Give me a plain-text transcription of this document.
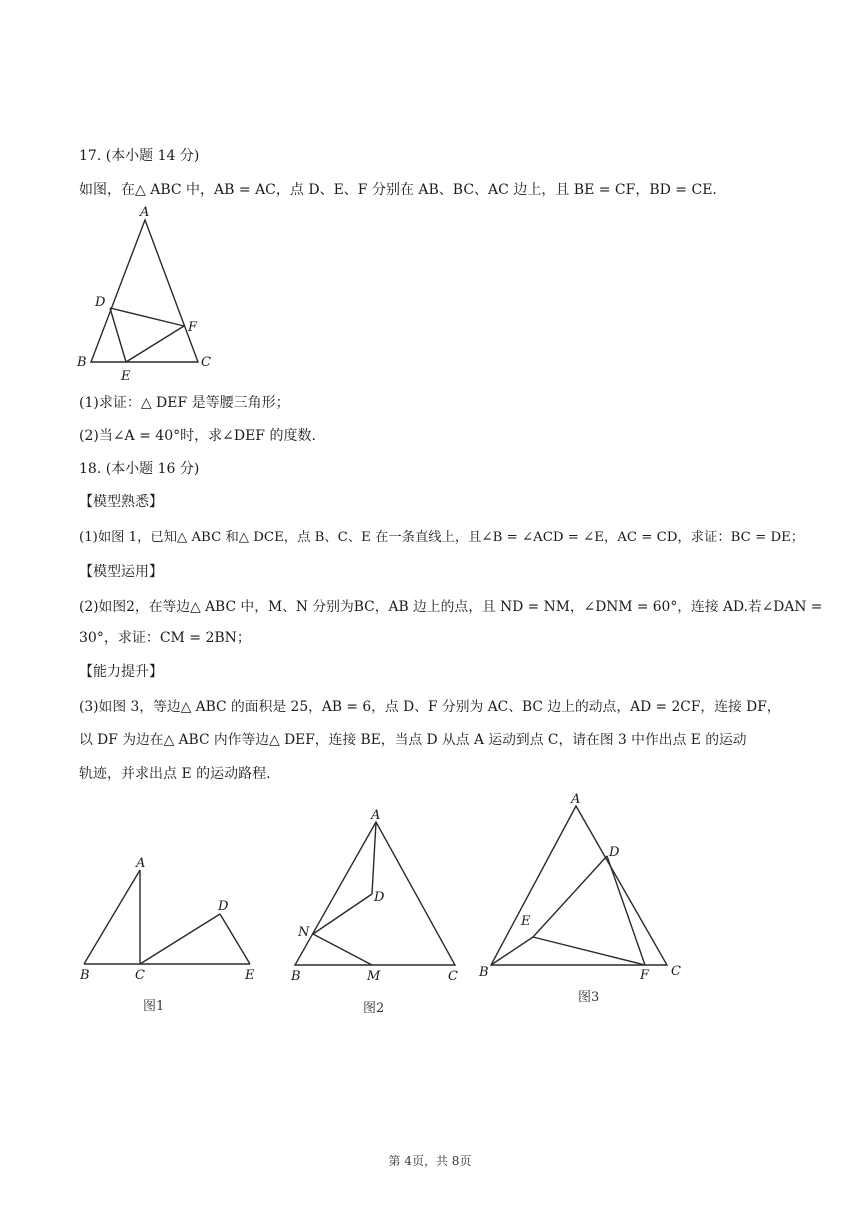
17. (本小题 14 分)
如图，在△ ABC 中，AB = AC，点 D、E、F 分别在 AB、BC、AC 边上，且 BE = CF，BD = CE.
A
B	C
D
E
F
(1)求证：△ DEF 是等腰三角形；
(2)当∠A = 40°时，求∠DEF 的度数.
18. (本小题 16 分)
【模型熟悉】
(1)如图 1，已知△ ABC 和△ DCE，点 B、C、E 在一条直线上，且∠B = ∠ACD = ∠E，AC = CD，求证：BC = DE；
【模型运用】
(2)如图2，在等边△ ABC 中，M、N 分别为BC，AB 边上的点，且 ND = NM，∠DNM = 60°，连接 AD.若∠DAN =
30°，求证：CM = 2BN；
【能力提升】
(3)如图 3，等边△ ABC 的面积是 25，AB = 6，点 D、F 分别为 AC、BC 边上的动点，AD = 2CF，连接 DF，
以 DF 为边在△ ABC 内作等边△ DEF，连接 BE，当点 D 从点 A 运动到点 C，请在图 3 中作出点 E 的运动
轨迹，并求出点 E 的运动路程.
A
B	C
D
E
图1
A
B	C
D
M
N
图2
A
B	C
D
E
F
图3
第 4页，共 8页
